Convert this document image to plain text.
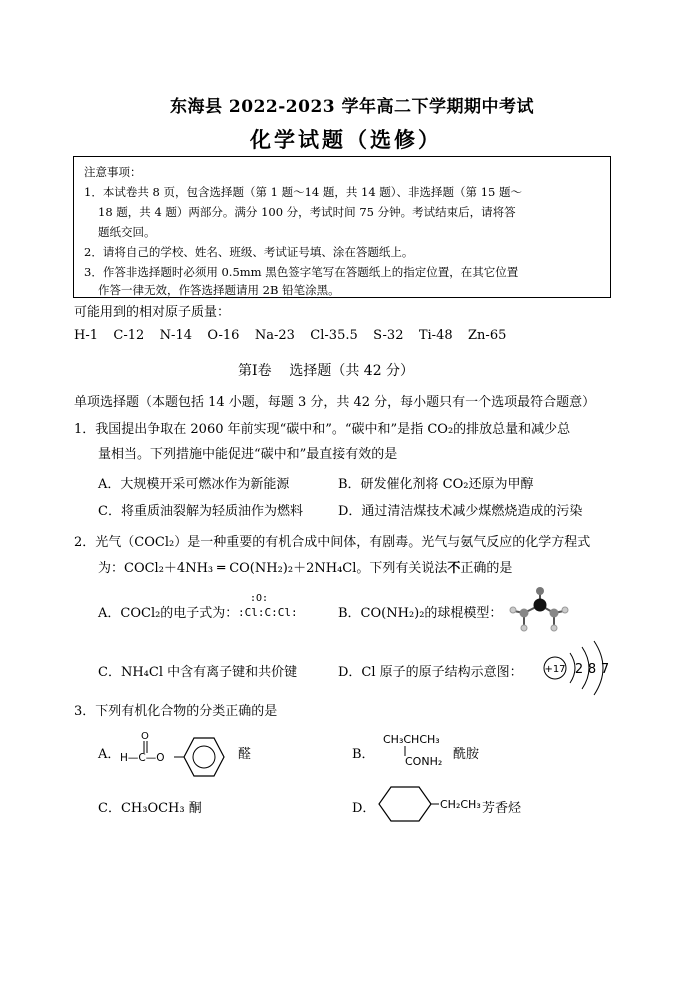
东海县 2022-2023 学年高二下学期期中考试
化学试题（选修）
注意事项：
1．本试卷共 8 页，包含选择题（第 1 题～14 题，共 14 题）、非选择题（第 15 题～
18 题，共 4 题）两部分。满分 100 分，考试时间 75 分钟。考试结束后，请将答
题纸交回。
2．请将自己的学校、姓名、班级、考试证号填、涂在答题纸上。
3．作答非选择题时必须用 0.5mm 黑色签字笔写在答题纸上的指定位置，在其它位置
作答一律无效，作答选择题请用 2B 铅笔涂黑。
可能用到的相对原子质量：
H-1   C-12   N-14   O-16   Na-23   Cl-35.5   S-32   Ti-48   Zn-65
第Ⅰ卷    选择题（共 42 分）
单项选择题（本题包括 14 小题，每题 3 分，共 42 分，每小题只有一个选项最符合题意）
1．我国提出争取在 2060 年前实现“碳中和”。“碳中和”是指 CO₂的排放总量和减少总
量相当。下列措施中能促进“碳中和”最直接有效的是
A．大规模开采可燃冰作为新能源	B．研发催化剂将 CO₂还原为甲醇
C．将重质油裂解为轻质油作为燃料	D．通过清洁煤技术减少煤燃烧造成的污染
2．光气（COCl₂）是一种重要的有机合成中间体，有剧毒。光气与氨气反应的化学方程式
为：COCl₂＋4NH₃ ═ CO(NH₂)₂＋2NH₄Cl。下列有关说法不正确的是
A．COCl₂的电子式为：
:O:
:Cl:C:Cl:	B．CO(NH₂)₂的球棍模型：
C．NH₄Cl 中含有离子键和共价键	D．Cl 原子的原子结构示意图： +17 2 8 7
3．下列有机化合物的分类正确的是
A．
O
H—C—O	醛	B．
CH₃CHCH₃
CONH₂ 酰胺
C．CH₃OCH₃ 酮	D．	CH₂CH₃ 芳香烃
